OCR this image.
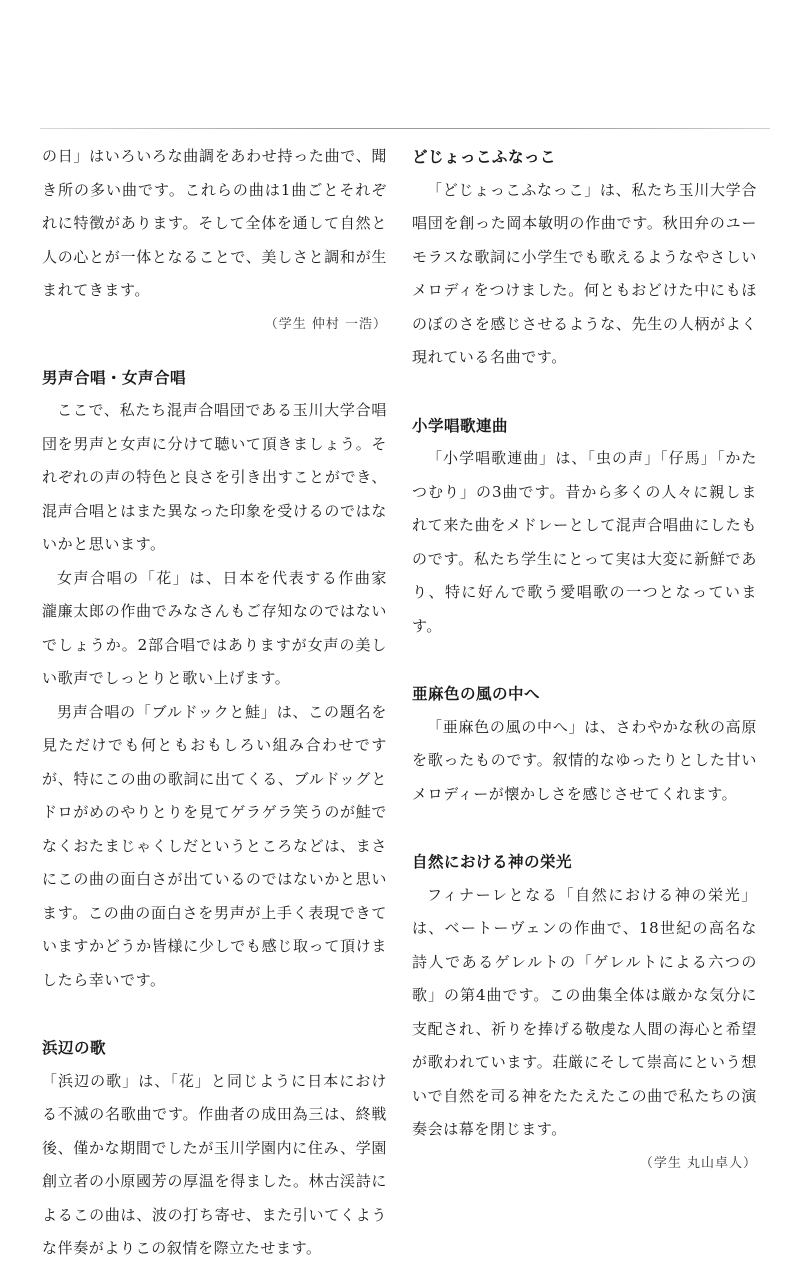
の日」はいろいろな曲調をあわせ持った曲で、聞き所の多い曲です。これらの曲は1曲ごとそれぞれに特徴があります。そして全体を通して自然と人の心とが一体となることで、美しさと調和が生まれてきます。

（学生 仲村 一浩）

男声合唱・女声合唱

ここで、私たち混声合唱団である玉川大学合唱団を男声と女声に分けて聴いて頂きましょう。それぞれの声の特色と良さを引き出すことができ、混声合唱とはまた異なった印象を受けるのではないかと思います。

女声合唱の「花」は、日本を代表する作曲家 瀧廉太郎の作曲でみなさんもご存知なのではないでしょうか。2部合唱ではありますが女声の美しい歌声でしっとりと歌い上げます。

男声合唱の「ブルドックと鮭」は、この題名を見ただけでも何ともおもしろい組み合わせですが、特にこの曲の歌詞に出てくる、ブルドッグとドロがめのやりとりを見てゲラゲラ笑うのが鮭でなくおたまじゃくしだというところなどは、まさにこの曲の面白さが出ているのではないかと思います。この曲の面白さを男声が上手く表現できていますかどうか皆様に少しでも感じ取って頂けましたら幸いです。

浜辺の歌

「浜辺の歌」は、「花」と同じように日本における不滅の名歌曲です。作曲者の成田為三は、終戦後、僅かな期間でしたが玉川学園内に住み、学園創立者の小原國芳の厚温を得ました。林古渓詩によるこの曲は、波の打ち寄せ、また引いてくような伴奏がよりこの叙情を際立たせます。

どじょっこふなっこ

「どじょっこふなっこ」は、私たち玉川大学合唱団を創った岡本敏明の作曲です。秋田弁のユーモラスな歌詞に小学生でも歌えるようなやさしいメロディをつけました。何ともおどけた中にもほのぼのさを感じさせるような、先生の人柄がよく現れている名曲です。

小学唱歌連曲

「小学唱歌連曲」は、「虫の声」「仔馬」「かたつむり」の3曲です。昔から多くの人々に親しまれて来た曲をメドレーとして混声合唱曲にしたものです。私たち学生にとって実は大変に新鮮であり、特に好んで歌う愛唱歌の一つとなっています。

亜麻色の風の中へ

「亜麻色の風の中へ」は、さわやかな秋の高原を歌ったものです。叙情的なゆったりとした甘いメロディーが懐かしさを感じさせてくれます。

自然における神の栄光

フィナーレとなる「自然における神の栄光」は、ベートーヴェンの作曲で、18世紀の高名な詩人であるゲレルトの「ゲレルトによる六つの歌」の第4曲です。この曲集全体は厳かな気分に支配され、祈りを捧げる敬虔な人間の海心と希望が歌われています。荘厳にそして崇高にという想いで自然を司る神をたたえたこの曲で私たちの演奏会は幕を閉じます。

（学生 丸山卓人）
